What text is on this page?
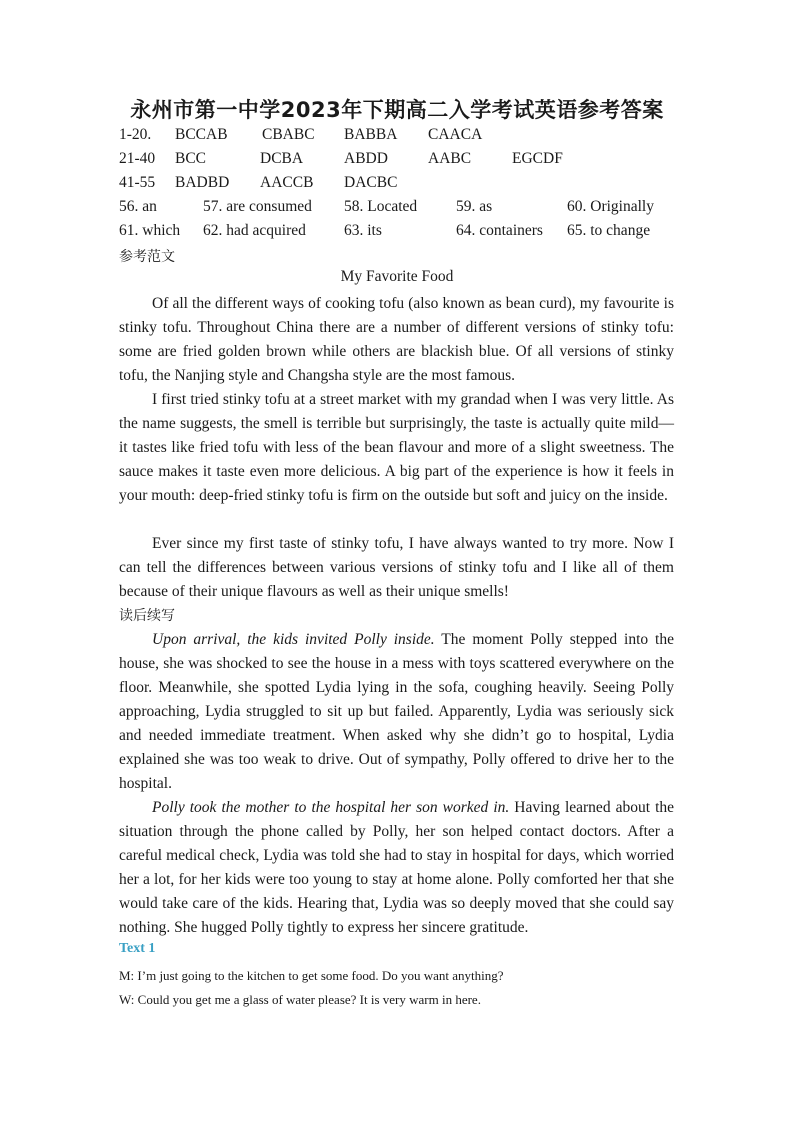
永州市第一中学2023年下期高二入学考试英语参考答案
1-20. BCCAB CBABC BABBA CAACA
21-40 BCC	DCBA	ABDD	AABC	EGCDF
41-55 BADBD AACCB DACBC
56. an	57. are consumed 58. Located	59. as	60. Originally
61. which 62. had acquired 63. its	64. containers 65. to change
参考范文
My Favorite Food

Of all the different ways of cooking tofu (also known as bean curd), my favourite is stinky tofu. Throughout China there are a number of different versions of stinky tofu: some are fried golden brown while others are blackish blue. Of all versions of stinky tofu, the Nanjing style and Changsha style are the most famous.

I first tried stinky tofu at a street market with my grandad when I was very little. As the name suggests, the smell is terrible but surprisingly, the taste is actually quite mild—it tastes like fried tofu with less of the bean flavour and more of a slight sweetness. The sauce makes it taste even more delicious. A big part of the experience is how it feels in your mouth: deep-fried stinky tofu is firm on the outside but soft and juicy on the inside.

Ever since my first taste of stinky tofu, I have always wanted to try more. Now I can tell the differences between various versions of stinky tofu and I like all of them because of their unique flavours as well as their unique smells!

读后续写

Upon arrival, the kids invited Polly inside. The moment Polly stepped into the house, she was shocked to see the house in a mess with toys scattered everywhere on the floor. Meanwhile, she spotted Lydia lying in the sofa, coughing heavily. Seeing Polly approaching, Lydia struggled to sit up but failed. Apparently, Lydia was seriously sick and needed immediate treatment. When asked why she didn’t go to hospital, Lydia explained she was too weak to drive. Out of sympathy, Polly offered to drive her to the hospital.

Polly took the mother to the hospital her son worked in. Having learned about the situation through the phone called by Polly, her son helped contact doctors. After a careful medical check, Lydia was told she had to stay in hospital for days, which worried her a lot, for her kids were too young to stay at home alone. Polly comforted her that she would take care of the kids. Hearing that, Lydia was so deeply moved that she could say nothing. She hugged Polly tightly to express her sincere gratitude.

Text 1
M: I’m just going to the kitchen to get some food. Do you want anything?
W: Could you get me a glass of water please? It is very warm in here.
